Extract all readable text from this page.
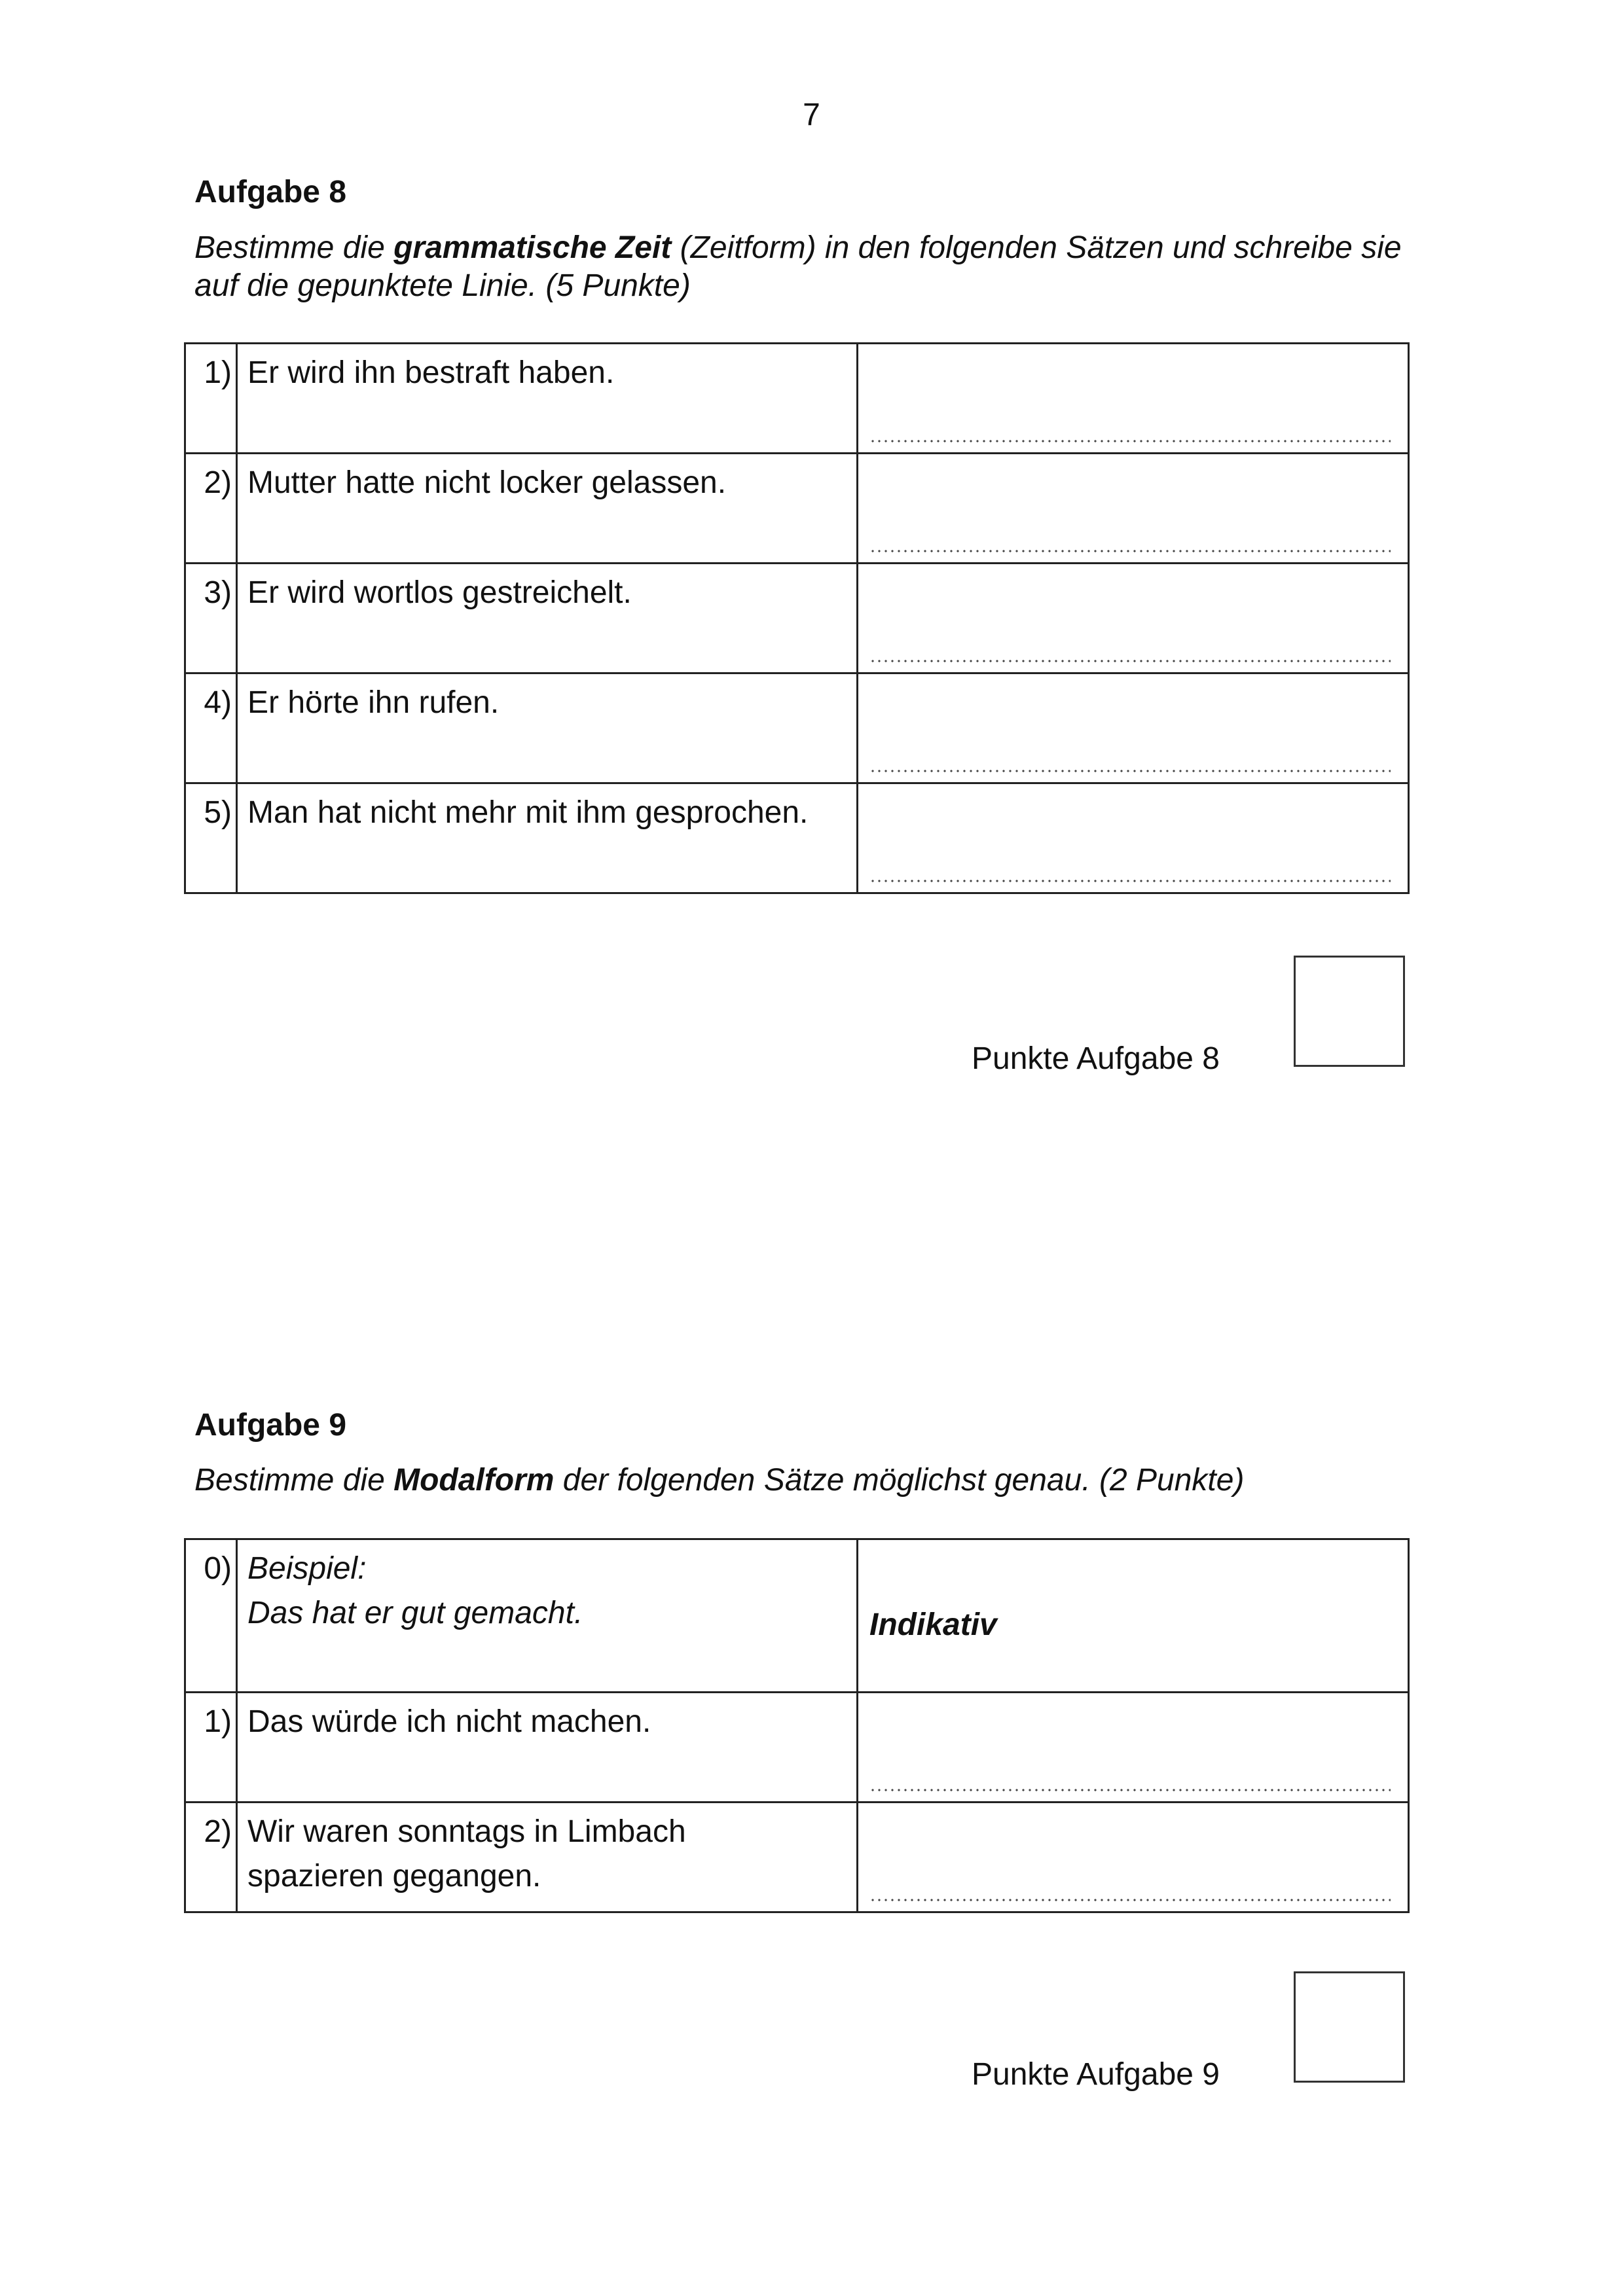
7
Aufgabe 8
Bestimme die grammatische Zeit (Zeitform) in den folgenden Sätzen und schreibe sie auf die gepunktete Linie. (5 Punkte)
1)	Er wird ihn bestraft haben.	

2)	Mutter hatte nicht locker gelassen.	

3)	Er wird wortlos gestreichelt.	

4)	Er hörte ihn rufen.	

5)	Man hat nicht mehr mit ihm gesprochen.	
Punkte Aufgabe 8
Aufgabe 9
Bestimme die Modalform der folgenden Sätze möglichst genau. (2 Punkte)
0)	Beispiel:
Das hat er gut gemacht.	Indikativ

1)	Das würde ich nicht machen.	

2)	Wir waren sonntags in Limbach
spazieren gegangen.	

Punkte Aufgabe 9
